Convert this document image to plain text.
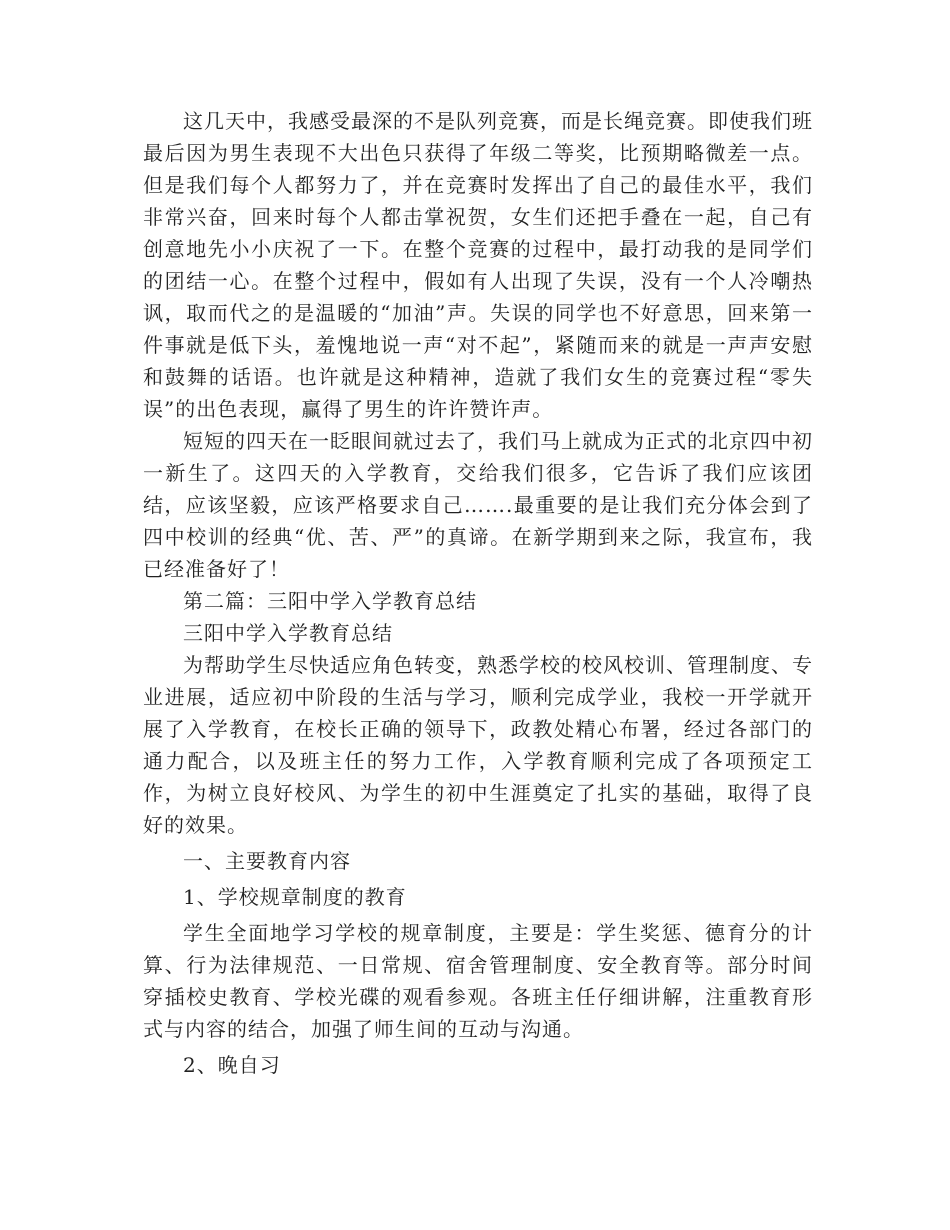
这几天中，我感受最深的不是队列竞赛，而是长绳竞赛。即使我们班最后因为男生表现不大出色只获得了年级二等奖，比预期略微差一点。但是我们每个人都努力了，并在竞赛时发挥出了自己的最佳水平，我们非常兴奋，回来时每个人都击掌祝贺，女生们还把手叠在一起，自己有创意地先小小庆祝了一下。在整个竞赛的过程中，最打动我的是同学们的团结一心。在整个过程中，假如有人出现了失误，没有一个人冷嘲热讽，取而代之的是温暖的“加油”声。失误的同学也不好意思，回来第一件事就是低下头，羞愧地说一声“对不起”，紧随而来的就是一声声安慰和鼓舞的话语。也许就是这种精神，造就了我们女生的竞赛过程“零失误”的出色表现，赢得了男生的许许赞许声。

短短的四天在一眨眼间就过去了，我们马上就成为正式的北京四中初一新生了。这四天的入学教育，交给我们很多，它告诉了我们应该团结，应该坚毅，应该严格要求自己…….最重要的是让我们充分体会到了四中校训的经典“优、苦、严”的真谛。在新学期到来之际，我宣布，我已经准备好了！

第二篇：三阳中学入学教育总结

三阳中学入学教育总结

为帮助学生尽快适应角色转变，熟悉学校的校风校训、管理制度、专业进展，适应初中阶段的生活与学习，顺利完成学业，我校一开学就开展了入学教育，在校长正确的领导下，政教处精心布署，经过各部门的通力配合，以及班主任的努力工作，入学教育顺利完成了各项预定工作，为树立良好校风、为学生的初中生涯奠定了扎实的基础，取得了良好的效果。

一、主要教育内容

1、学校规章制度的教育

学生全面地学习学校的规章制度，主要是：学生奖惩、德育分的计算、行为法律规范、一日常规、宿舍管理制度、安全教育等。部分时间穿插校史教育、学校光碟的观看参观。各班主任仔细讲解，注重教育形式与内容的结合，加强了师生间的互动与沟通。

2、晚自习
